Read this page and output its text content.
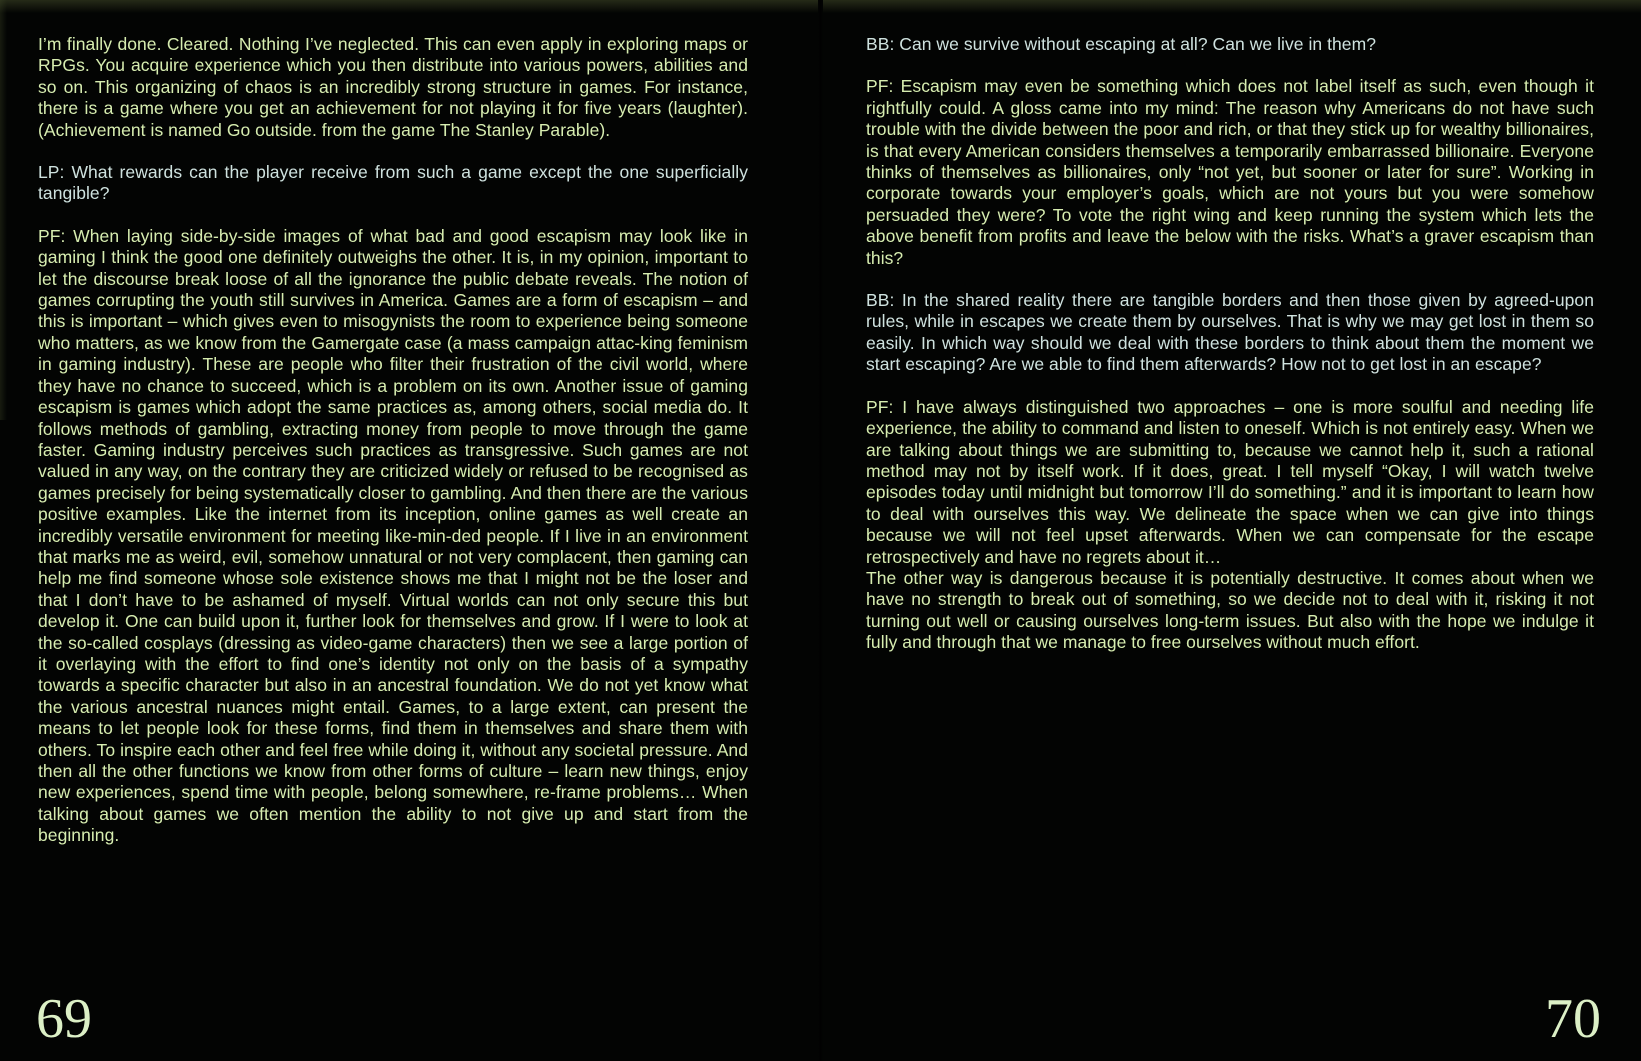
I’m finally done. Cleared. Nothing I’ve neglected. This can even apply in exploring maps or RPGs. You acquire experience which you then distribute into various powers, abilities and so on. This organizing of chaos is an incredibly strong structure in games. For instance, there is a game where you get an achievement for not playing it for five years (laughter). (Achievement is named Go outside. from the game The Stanley Parable).
LP: What rewards can the player receive from such a game except the one superficially tangible?
PF: When laying side-by-side images of what bad and good escapism may look like in gaming I think the good one definitely outweighs the other. It is, in my opinion, important to let the discourse break loose of all the ignorance the public debate reveals. The notion of games corrupting the youth still survives in America. Games are a form of escapism – and this is important – which gives even to misogynists the room to experience being someone who matters, as we know from the Gamergate case (a mass campaign attac-king feminism in gaming industry). These are people who filter their frustration of the civil world, where they have no chance to succeed, which is a problem on its own. Another issue of gaming escapism is games which adopt the same practices as, among others, social media do. It follows methods of gambling, extracting money from people to move through the game faster. Gaming industry perceives such practices as transgressive. Such games are not valued in any way, on the contrary they are criticized widely or refused to be recognised as games precisely for being systematically closer to gambling. And then there are the various positive examples. Like the internet from its inception, online games as well create an incredibly versatile environment for meeting like-min-ded people. If I live in an environment that marks me as weird, evil, somehow unnatural or not very complacent, then gaming can help me find someone whose sole existence shows me that I might not be the loser and that I don’t have to be ashamed of myself. Virtual worlds can not only secure this but develop it. One can build upon it, further look for themselves and grow. If I were to look at the so-called cosplays (dressing as video-game characters) then we see a large portion of it overlaying with the effort to find one’s identity not only on the basis of a sympathy towards a specific character but also in an ancestral foundation. We do not yet know what the various ancestral nuances might entail. Games, to a large extent, can present the means to let people look for these forms, find them in themselves and share them with others. To inspire each other and feel free while doing it, without any societal pressure. And then all the other functions we know from other forms of culture – learn new things, enjoy new experiences, spend time with people, belong somewhere, re-frame problems… When talking about games we often mention the ability to not give up and start from the beginning.
69
BB: Can we survive without escaping at all? Can we live in them?
PF: Escapism may even be something which does not label itself as such, even though it rightfully could. A gloss came into my mind: The reason why Americans do not have such trouble with the divide between the poor and rich, or that they stick up for wealthy billionaires, is that every American considers themselves a temporarily embarrassed billionaire. Everyone thinks of themselves as billionaires, only “not yet, but sooner or later for sure”. Working in corporate towards your employer’s goals, which are not yours but you were somehow persuaded they were? To vote the right wing and keep running the system which lets the above benefit from profits and leave the below with the risks. What’s a graver escapism than this?
BB: In the shared reality there are tangible borders and then those given by agreed-upon rules, while in escapes we create them by ourselves. That is why we may get lost in them so easily. In which way should we deal with these borders to think about them the moment we start escaping? Are we able to find them afterwards? How not to get lost in an escape?
PF: I have always distinguished two approaches – one is more soulful and needing life experience, the ability to command and listen to oneself. Which is not entirely easy. When we are talking about things we are submitting to, because we cannot help it, such a rational method may not by itself work. If it does, great. I tell myself “Okay, I will watch twelve episodes today until midnight but tomorrow I’ll do something.” and it is important to learn how to deal with ourselves this way. We delineate the space when we can give into things because we will not feel upset afterwards. When we can compensate for the escape retrospectively and have no regrets about it…
The other way is dangerous because it is potentially destructive. It comes about when we have no strength to break out of something, so we decide not to deal with it, risking it not turning out well or causing ourselves long-term issues. But also with the hope we indulge it fully and through that we manage to free ourselves without much effort.
70
